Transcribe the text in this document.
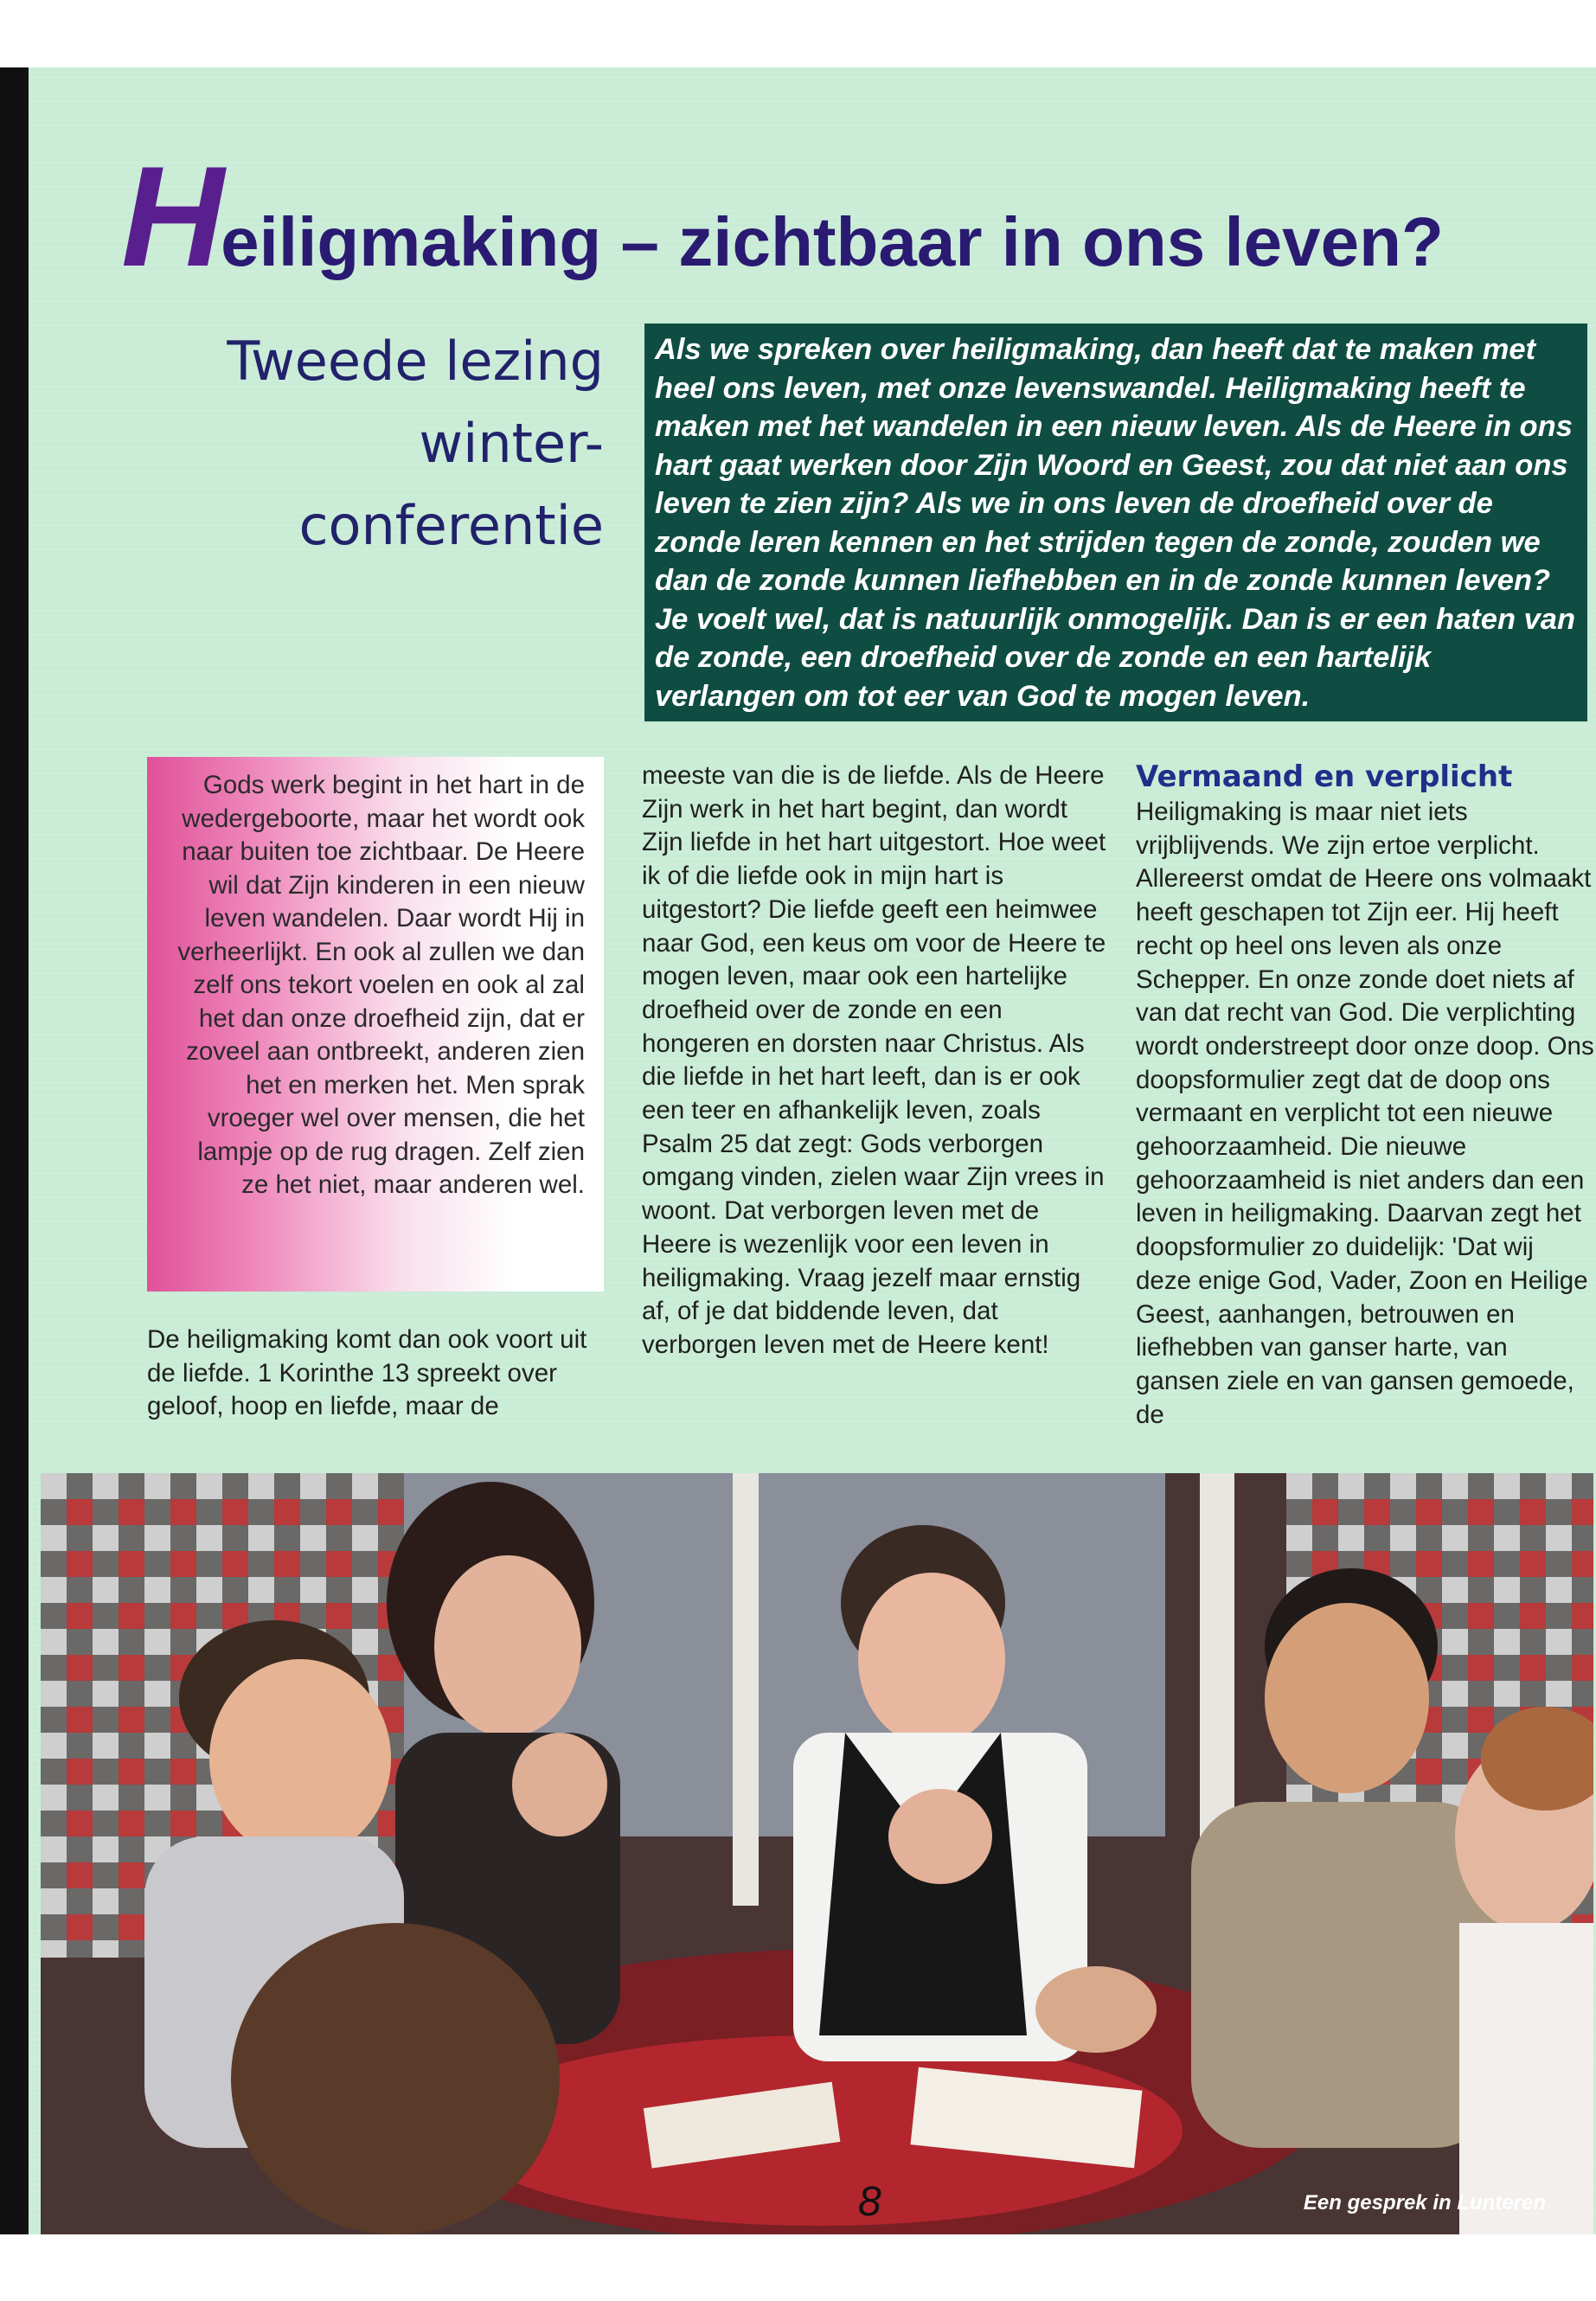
Heiligmaking – zichtbaar in ons leven?
Tweede lezing
winter-
conferentie
Als we spreken over heiligmaking, dan heeft dat te maken met heel ons leven, met onze levenswandel. Heiligmaking heeft te maken met het wandelen in een nieuw leven. Als de Heere in ons hart gaat werken door Zijn Woord en Geest, zou dat niet aan ons leven te zien zijn? Als we in ons leven de droefheid over de zonde leren kennen en het strijden tegen de zonde, zouden we dan de zonde kunnen liefhebben en in de zonde kunnen leven? Je voelt wel, dat is natuurlijk onmogelijk. Dan is er een haten van de zonde, een droefheid over de zonde en een hartelijk verlangen om tot eer van God te mogen leven.
Gods werk begint in het hart in de wedergeboorte, maar het wordt ook naar buiten toe zichtbaar. De Heere wil dat Zijn kinderen in een nieuw leven wandelen. Daar wordt Hij in verheerlijkt. En ook al zullen we dan zelf ons tekort voelen en ook al zal het dan onze droefheid zijn, dat er zoveel aan ontbreekt, anderen zien het en merken het. Men sprak vroeger wel over mensen, die het lampje op de rug dragen. Zelf zien ze het niet, maar anderen wel.
De heiligmaking komt dan ook voort uit de liefde. 1 Korinthe 13 spreekt over geloof, hoop en liefde, maar de
meeste van die is de liefde. Als de Heere Zijn werk in het hart begint, dan wordt Zijn liefde in het hart uitgestort. Hoe weet ik of die liefde ook in mijn hart is uitgestort? Die liefde geeft een heimwee naar God, een keus om voor de Heere te mogen leven, maar ook een hartelijke droefheid over de zonde en een hongeren en dorsten naar Christus. Als die liefde in het hart leeft, dan is er ook een teer en afhankelijk leven, zoals Psalm 25 dat zegt: Gods verborgen omgang vinden, zielen waar Zijn vrees in woont. Dat verborgen leven met de Heere is wezenlijk voor een leven in heiligmaking. Vraag jezelf maar ernstig af, of je dat biddende leven, dat verborgen leven met de Heere kent!
Vermaand en verplicht
Heiligmaking is maar niet iets vrijblijvends. We zijn ertoe verplicht. Allereerst omdat de Heere ons volmaakt heeft geschapen tot Zijn eer. Hij heeft recht op heel ons leven als onze Schepper. En onze zonde doet niets af van dat recht van God. Die verplichting wordt onderstreept door onze doop. Ons doopsformulier zegt dat de doop ons vermaant en verplicht tot een nieuwe gehoorzaamheid. Die nieuwe gehoorzaamheid is niet anders dan een leven in heiligmaking. Daarvan zegt het doopsformulier zo duidelijk: 'Dat wij deze enige God, Vader, Zoon en Heilige Geest, aanhangen, betrouwen en liefhebben van ganser harte, van gansen ziele en van gansen gemoede, de
Een gesprek in Lunteren
8
